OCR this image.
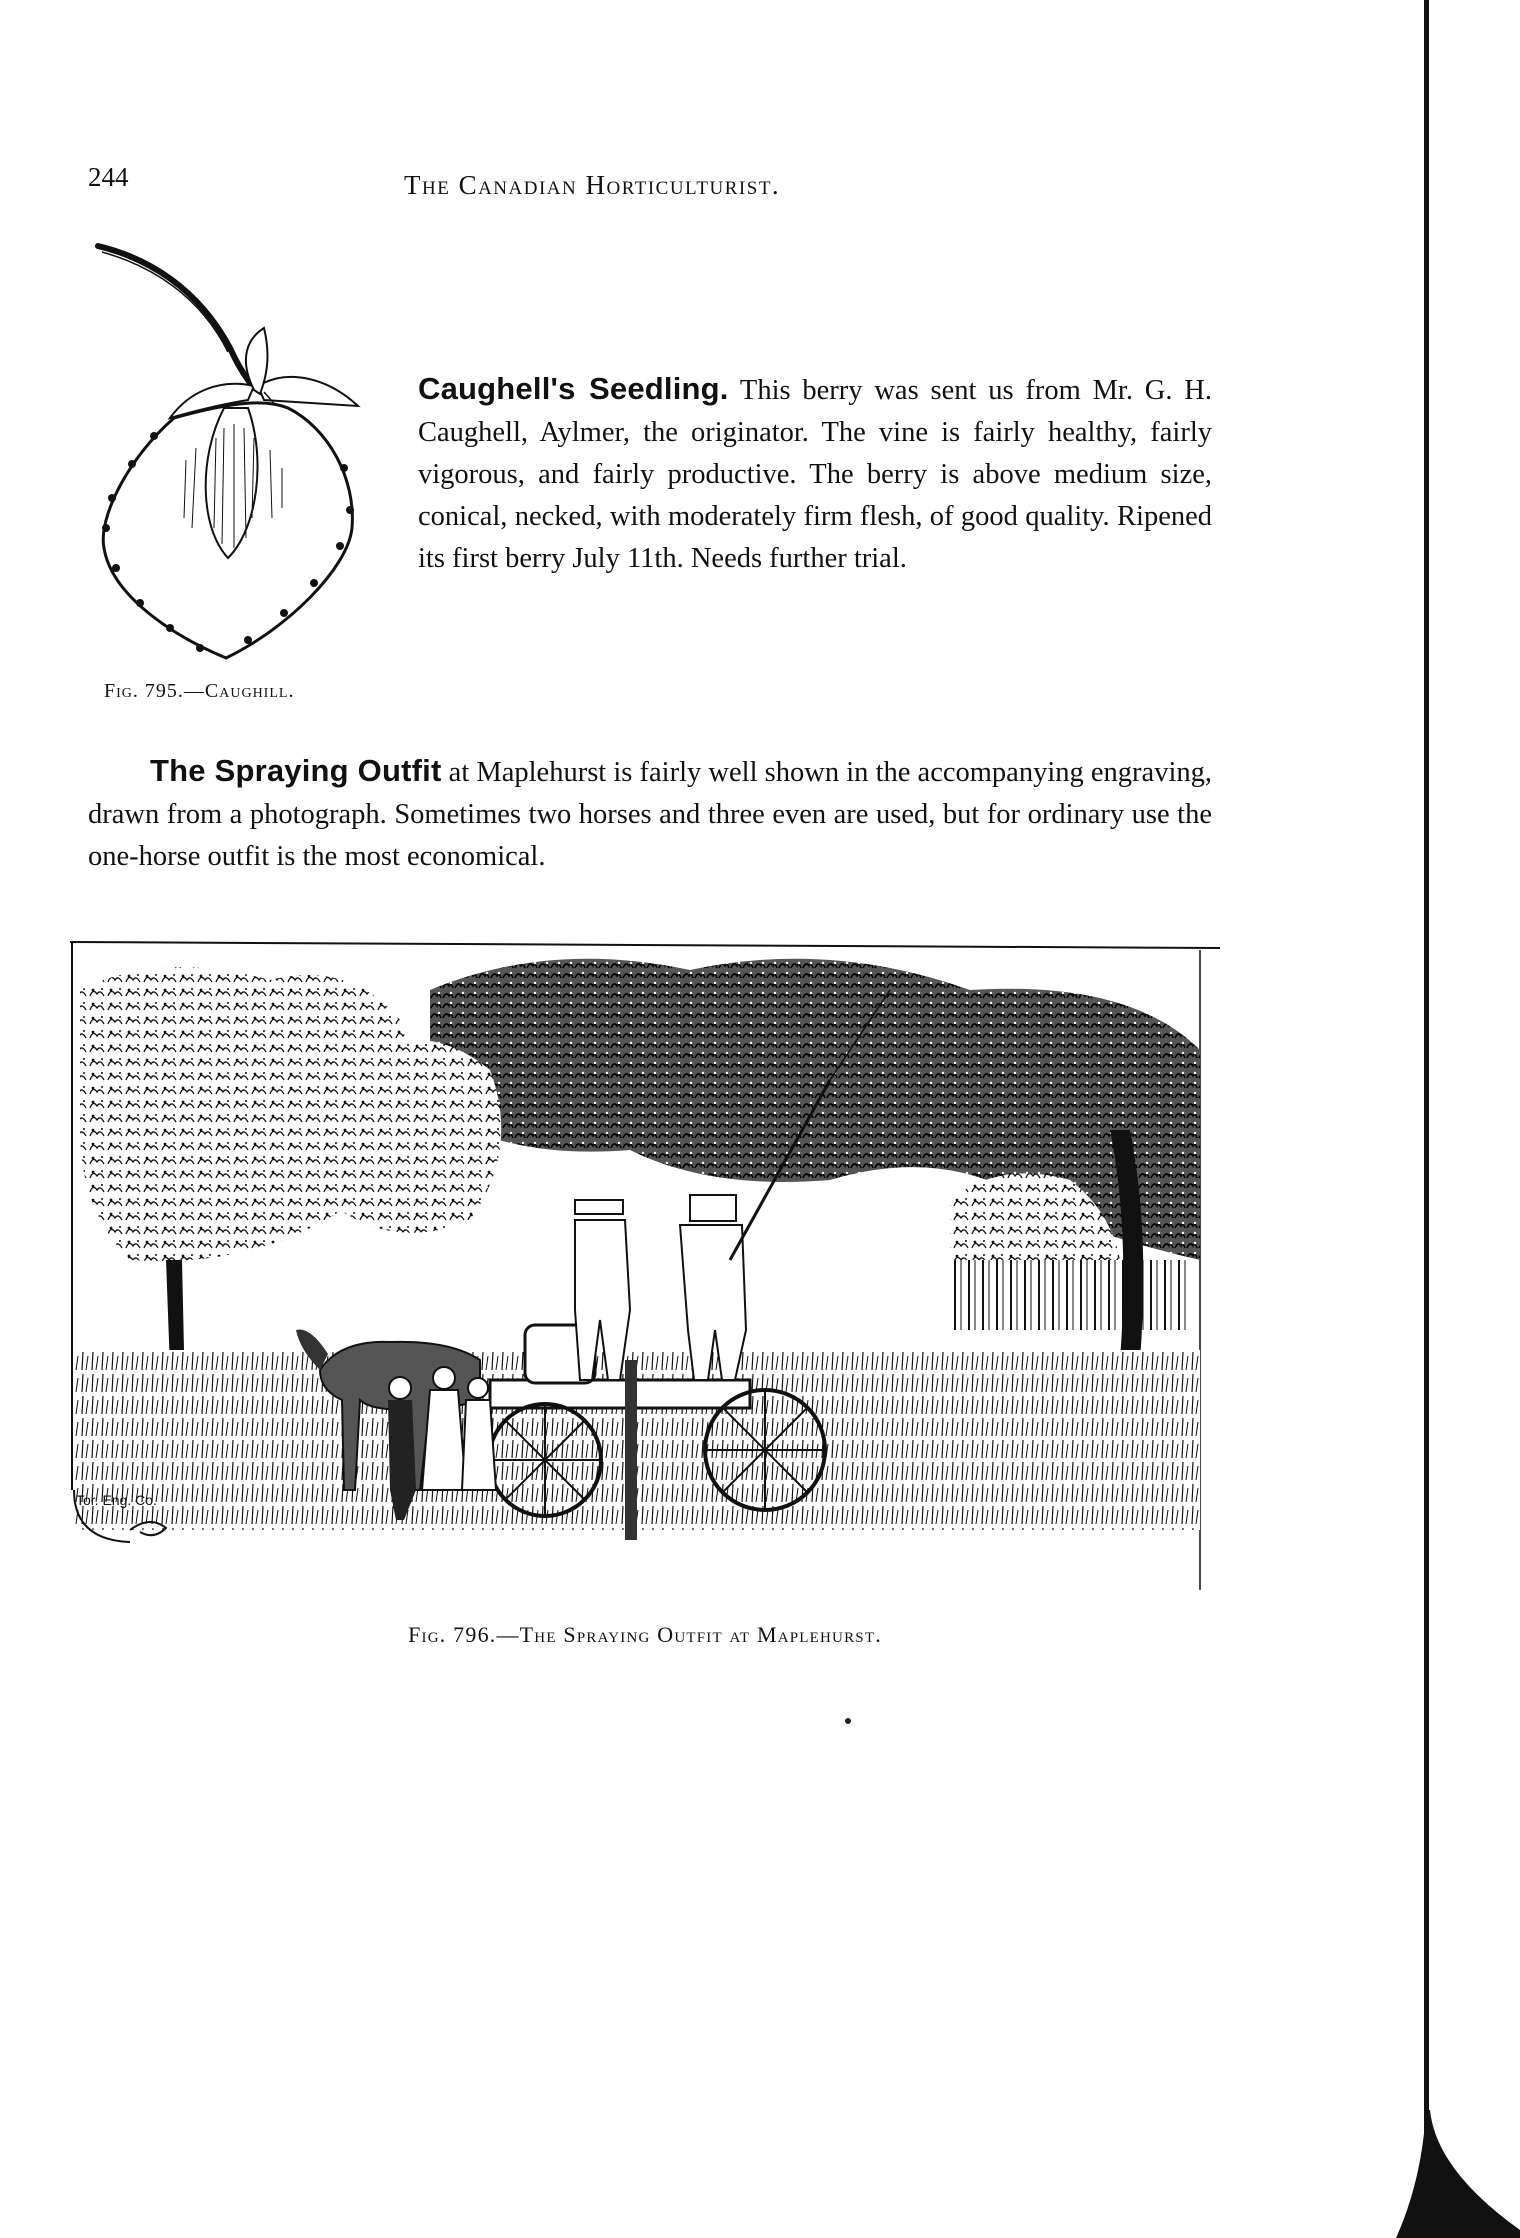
244	The Canadian Horticulturist.
Fig. 795.—Caughill.

Caughell's Seedling. This berry was sent us from Mr. G. H. Caughell, Aylmer, the originator. The vine is fairly healthy, fairly vigorous, and fairly productive. The berry is above medium size, conical, necked, with moderately firm flesh, of good quality. Ripened its first berry July 11th. Needs further trial.

The Spraying Outfit at Maplehurst is fairly well shown in the accompanying engraving, drawn from a photograph. Sometimes two horses and three even are used, but for ordinary use the one-horse outfit is the most economical.

Tor. Eng. Co.
Fig. 796.—The Spraying Outfit at Maplehurst.
